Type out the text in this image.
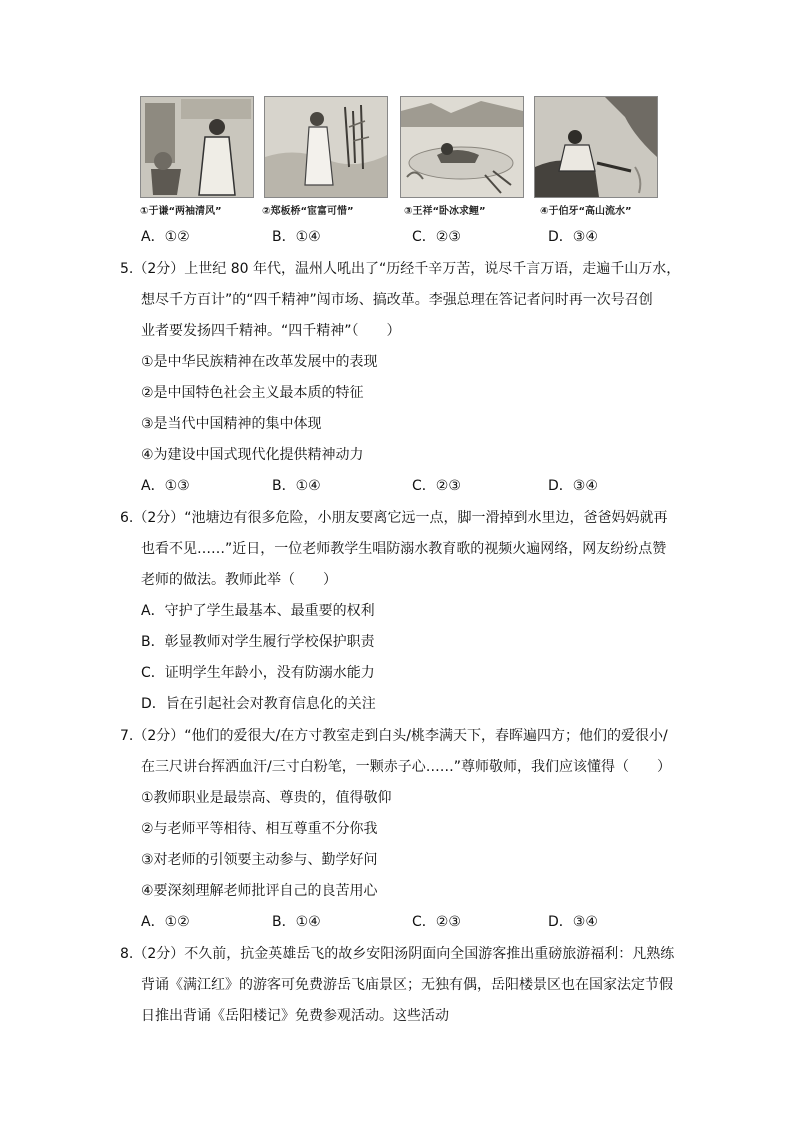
①于谦“两袖清风”	②郑板桥“宦富可惜”	③王祥“卧冰求鲤”	④于伯牙“高山流水”
A．①②	B．①④	C．②③	D．③④
5.（2分）上世纪 80 年代，温州人吼出了“历经千辛万苦，说尽千言万语，走遍千山万水，
想尽千方百计”的“四千精神”闯市场、搞改革。李强总理在答记者问时再一次号召创
业者要发扬四千精神。“四千精神”（　　）
①是中华民族精神在改革发展中的表现
②是中国特色社会主义最本质的特征
③是当代中国精神的集中体现
④为建设中国式现代化提供精神动力
A．①③	B．①④	C．②③	D．③④
6.（2分）“池塘边有很多危险，小朋友要离它远一点，脚一滑掉到水里边，爸爸妈妈就再
也看不见……”近日，一位老师教学生唱防溺水教育歌的视频火遍网络，网友纷纷点赞
老师的做法。教师此举（　　）
A．守护了学生最基本、最重要的权利
B．彰显教师对学生履行学校保护职责
C．证明学生年龄小，没有防溺水能力
D．旨在引起社会对教育信息化的关注
7.（2分）“他们的爱很大/在方寸教室走到白头/桃李满天下，春晖遍四方；他们的爱很小/
在三尺讲台挥洒血汗/三寸白粉笔，一颗赤子心……”尊师敬师，我们应该懂得（　　）
①教师职业是最崇高、尊贵的，值得敬仰
②与老师平等相待、相互尊重不分你我
③对老师的引领要主动参与、勤学好问
④要深刻理解老师批评自己的良苦用心
A．①②	B．①④	C．②③	D．③④
8.（2分）不久前，抗金英雄岳飞的故乡安阳汤阴面向全国游客推出重磅旅游福利：凡熟练
背诵《满江红》的游客可免费游岳飞庙景区；无独有偶，岳阳楼景区也在国家法定节假
日推出背诵《岳阳楼记》免费参观活动。这些活动
